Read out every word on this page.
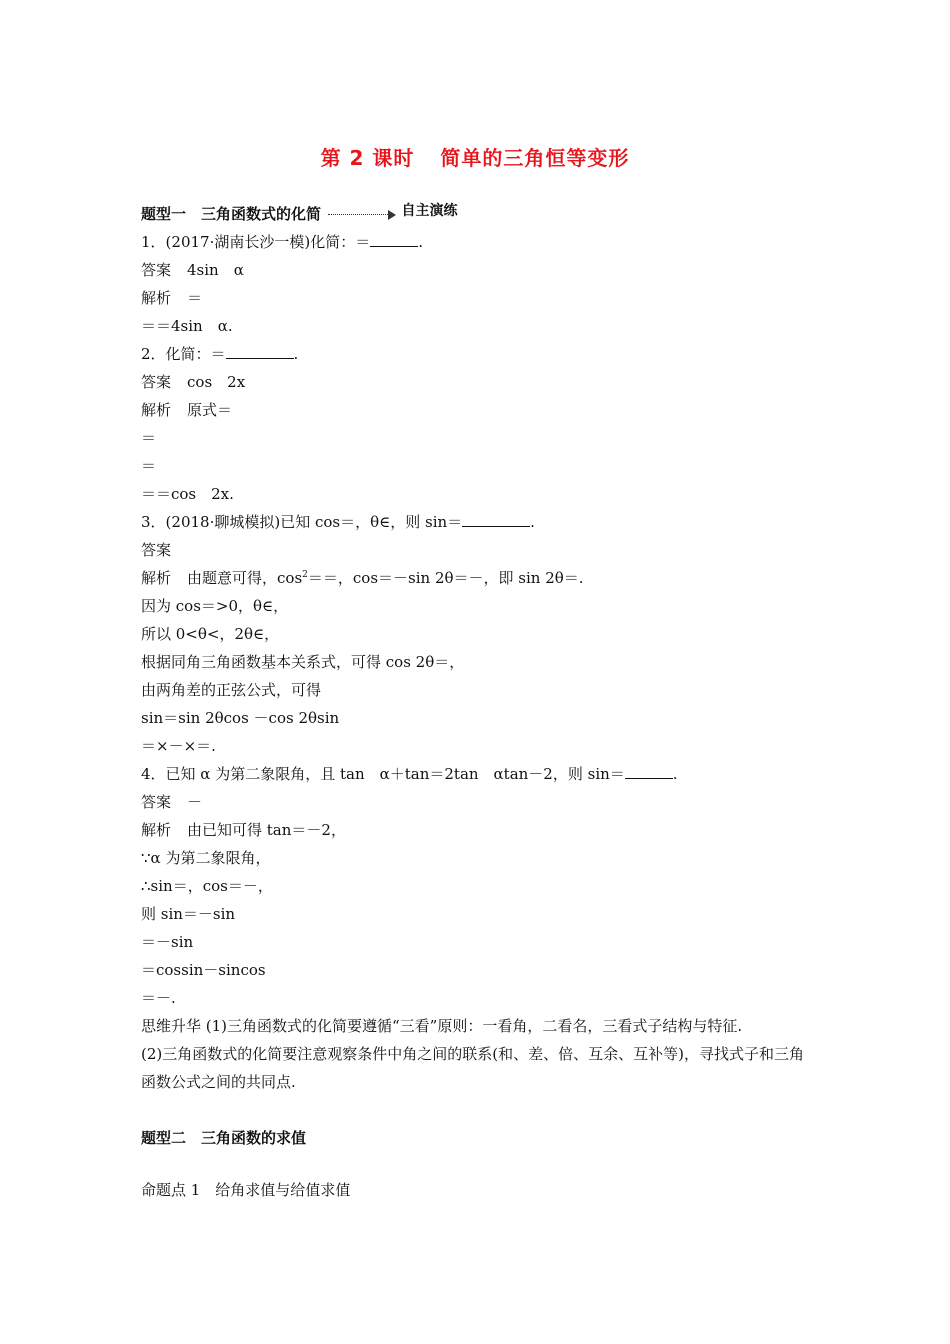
第 2 课时 简单的三角恒等变形
题型一　三角函数式的化简	自主演练
1．(2017·湖南长沙一模)化简：＝	.
答案 4sin　α
解析 ＝
＝＝4sin　α.
2．化简：＝	.
答案 cos　2x
解析 原式＝
＝
＝
＝＝cos　2x.
3．(2018·聊城模拟)已知 cos＝，θ∈，则 sin＝	.
答案
解析 由题意可得，$\cos^2==$，cos＝－sin 2θ＝－，即 sin 2θ＝.
因为 cos＝>0，θ∈，
所以 0<θ<，2θ∈，
根据同角三角函数基本关系式，可得 cos 2θ＝，
由两角差的正弦公式，可得
sin＝sin 2θcos －cos 2θsin
＝×－×＝.
4．已知 α 为第二象限角，且 tan　α＋tan＝2tan　αtan－2，则 sin＝	.
答案 －
解析 由已知可得 tan＝－2，
∵α 为第二象限角，
∴sin＝，cos＝－，
则 sin＝－sin
＝－sin
＝cossin－sincos
＝－.
思维升华 (1)三角函数式的化简要遵循“三看”原则：一看角，二看名，三看式子结构与特征.
(2)三角函数式的化简要注意观察条件中角之间的联系(和、差、倍、互余、互补等)，寻找式子和三角函数公式之间的共同点.
题型二　三角函数的求值
命题点 1　给角求值与给值求值
